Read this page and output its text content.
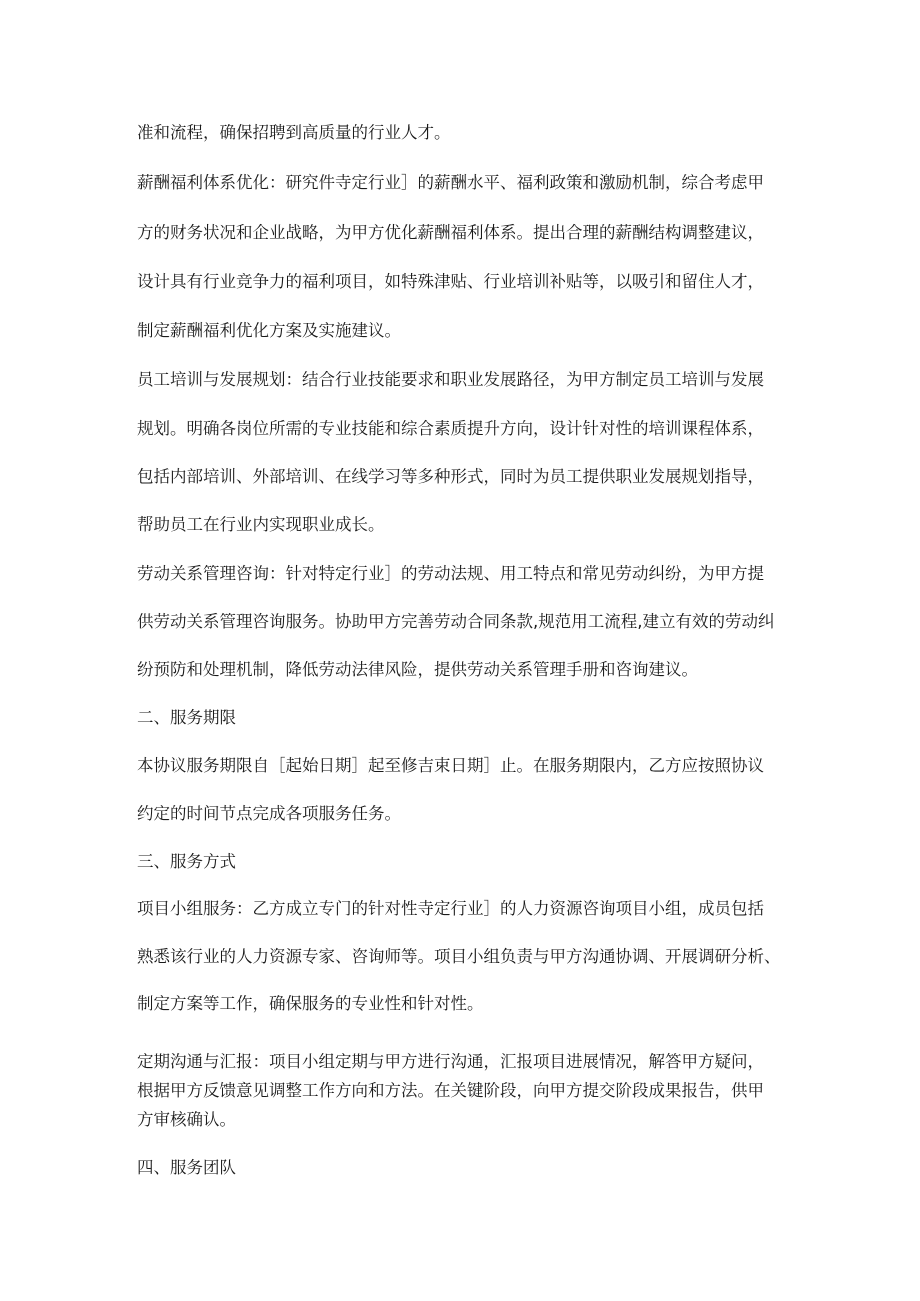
准和流程，确保招聘到高质量的行业人才。
薪酬福利体系优化：研究件寺定行业］的薪酬水平、福利政策和激励机制，综合考虑甲
方的财务状况和企业战略，为甲方优化薪酬福利体系。提出合理的薪酬结构调整建议，
设计具有行业竞争力的福利项目，如特殊津贴、行业培训补贴等，以吸引和留住人才，
制定薪酬福利优化方案及实施建议。
员工培训与发展规划：结合行业技能要求和职业发展路径，为甲方制定员工培训与发展
规划。明确各岗位所需的专业技能和综合素质提升方向，设计针对性的培训课程体系，
包括内部培训、外部培训、在线学习等多种形式，同时为员工提供职业发展规划指导，
帮助员工在行业内实现职业成长。
劳动关系管理咨询：针对特定行业］的劳动法规、用工特点和常见劳动纠纷，为甲方提
供劳动关系管理咨询服务。协助甲方完善劳动合同条款,规范用工流程,建立有效的劳动纠
纷预防和处理机制，降低劳动法律风险，提供劳动关系管理手册和咨询建议。
二、服务期限
本协议服务期限自［起始日期］起至修吉束日期］止。在服务期限内，乙方应按照协议
约定的时间节点完成各项服务任务。
三、服务方式
项目小组服务：乙方成立专门的针对性寺定行业］的人力资源咨询项目小组，成员包括
熟悉该行业的人力资源专家、咨询师等。项目小组负责与甲方沟通协调、开展调研分析、
制定方案等工作，确保服务的专业性和针对性。
定期沟通与汇报：项目小组定期与甲方进行沟通，汇报项目进展情况，解答甲方疑问，
根据甲方反馈意见调整工作方向和方法。在关键阶段，向甲方提交阶段成果报告，供甲
方审核确认。
四、服务团队
